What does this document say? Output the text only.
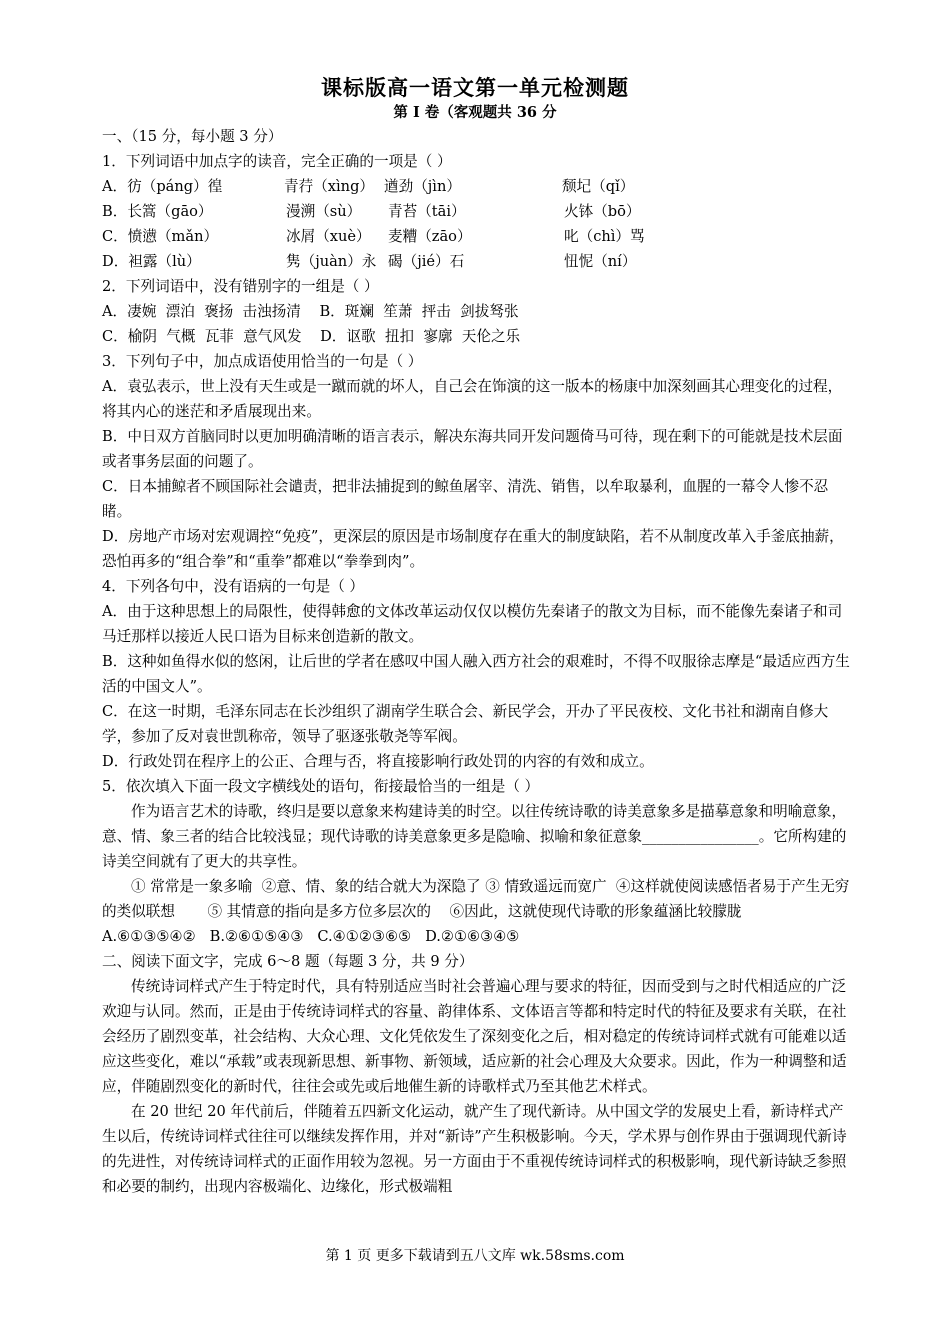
课标版高一语文第一单元检测题
第 I 卷（客观题共 36 分

一、（15 分，每小题 3 分）

1．下列词语中加点字的读音，完全正确的一项是（ ）

A．彷（páng）徨	青荇（xìng） 遒劲（jìn）	颓圮（qǐ）
B．长篙（gāo）	漫溯（sù）	青苔（tāi）	火钵（bō）
C．愤懑（mǎn）	冰屑（xuè）	麦糟（zāo）	叱（chì）骂
D．袒露（lù）	隽（juàn）永 碣（jié）石	忸怩（ní）

2．下列词语中，没有错别字的一组是（ ）

A．凄婉  漂泊  褒扬  击浊扬清    B．斑斓  笙萧  抨击  剑拔驽张

C．榆阴  气概  瓦菲  意气风发    D．讴歌  扭扣  寥廓  天伦之乐

3．下列句子中，加点成语使用恰当的一句是（ ）

A．袁弘表示，世上没有天生或是一蹴而就的坏人，自己会在饰演的这一版本的杨康中加深刻画其心理变化的过程，将其内心的迷茫和矛盾展现出来。

B．中日双方首脑同时以更加明确清晰的语言表示，解决东海共同开发问题倚马可待，现在剩下的可能就是技术层面或者事务层面的问题了。

C．日本捕鲸者不顾国际社会谴责，把非法捕捉到的鲸鱼屠宰、清洗、销售，以牟取暴利，血腥的一幕令人惨不忍睹。

D．房地产市场对宏观调控“免疫”，更深层的原因是市场制度存在重大的制度缺陷，若不从制度改革入手釜底抽薪，恐怕再多的“组合拳”和“重拳”都难以“拳拳到肉”。

4．下列各句中，没有语病的一句是（ ）

A．由于这种思想上的局限性，使得韩愈的文体改革运动仅仅以模仿先秦诸子的散文为目标，而不能像先秦诸子和司马迁那样以接近人民口语为目标来创造新的散文。

B．这种如鱼得水似的悠闲，让后世的学者在感叹中国人融入西方社会的艰难时，不得不叹服徐志摩是“最适应西方生活的中国文人”。

C．在这一时期，毛泽东同志在长沙组织了湖南学生联合会、新民学会，开办了平民夜校、文化书社和湖南自修大学，参加了反对袁世凯称帝，领导了驱逐张敬尧等军阀。

D．行政处罚在程序上的公正、合理与否，将直接影响行政处罚的内容的有效和成立。

5．依次填入下面一段文字横线处的语句，衔接最恰当的一组是（ ）

作为语言艺术的诗歌，终归是要以意象来构建诗美的时空。以往传统诗歌的诗美意象多是描摹意象和明喻意象，意、情、象三者的结合比较浅显；现代诗歌的诗美意象更多是隐喻、拟喻和象征意象________________。它所构建的诗美空间就有了更大的共享性。

① 常常是一象多喻  ②意、情、象的结合就大为深隐了 ③ 情致遥远而宽广  ④这样就使阅读感悟者易于产生无穷的类似联想       ⑤ 其情意的指向是多方位多层次的    ⑥因此，这就使现代诗歌的形象蕴涵比较朦胧

A.⑥①③⑤④②   B.②⑥①⑤④③   C.④①②③⑥⑤   D.②①⑥③④⑤

二、阅读下面文字，完成 6～8 题（每题 3 分，共 9 分）

传统诗词样式产生于特定时代，具有特别适应当时社会普遍心理与要求的特征，因而受到与之时代相适应的广泛欢迎与认同。然而，正是由于传统诗词样式的容量、韵律体系、文体语言等都和特定时代的特征及要求有关联，在社会经历了剧烈变革，社会结构、大众心理、文化凭依发生了深刻变化之后，相对稳定的传统诗词样式就有可能难以适应这些变化，难以“承载”或表现新思想、新事物、新领域，适应新的社会心理及大众要求。因此，作为一种调整和适应，伴随剧烈变化的新时代，往往会或先或后地催生新的诗歌样式乃至其他艺术样式。

在 20 世纪 20 年代前后，伴随着五四新文化运动，就产生了现代新诗。从中国文学的发展史上看，新诗样式产生以后，传统诗词样式往往可以继续发挥作用，并对“新诗”产生积极影响。今天，学术界与创作界由于强调现代新诗的先进性，对传统诗词样式的正面作用较为忽视。另一方面由于不重视传统诗词样式的积极影响，现代新诗缺乏参照和必要的制约，出现内容极端化、边缘化，形式极端粗

第 1 页 更多下载请到五八文库 wk.58sms.com
